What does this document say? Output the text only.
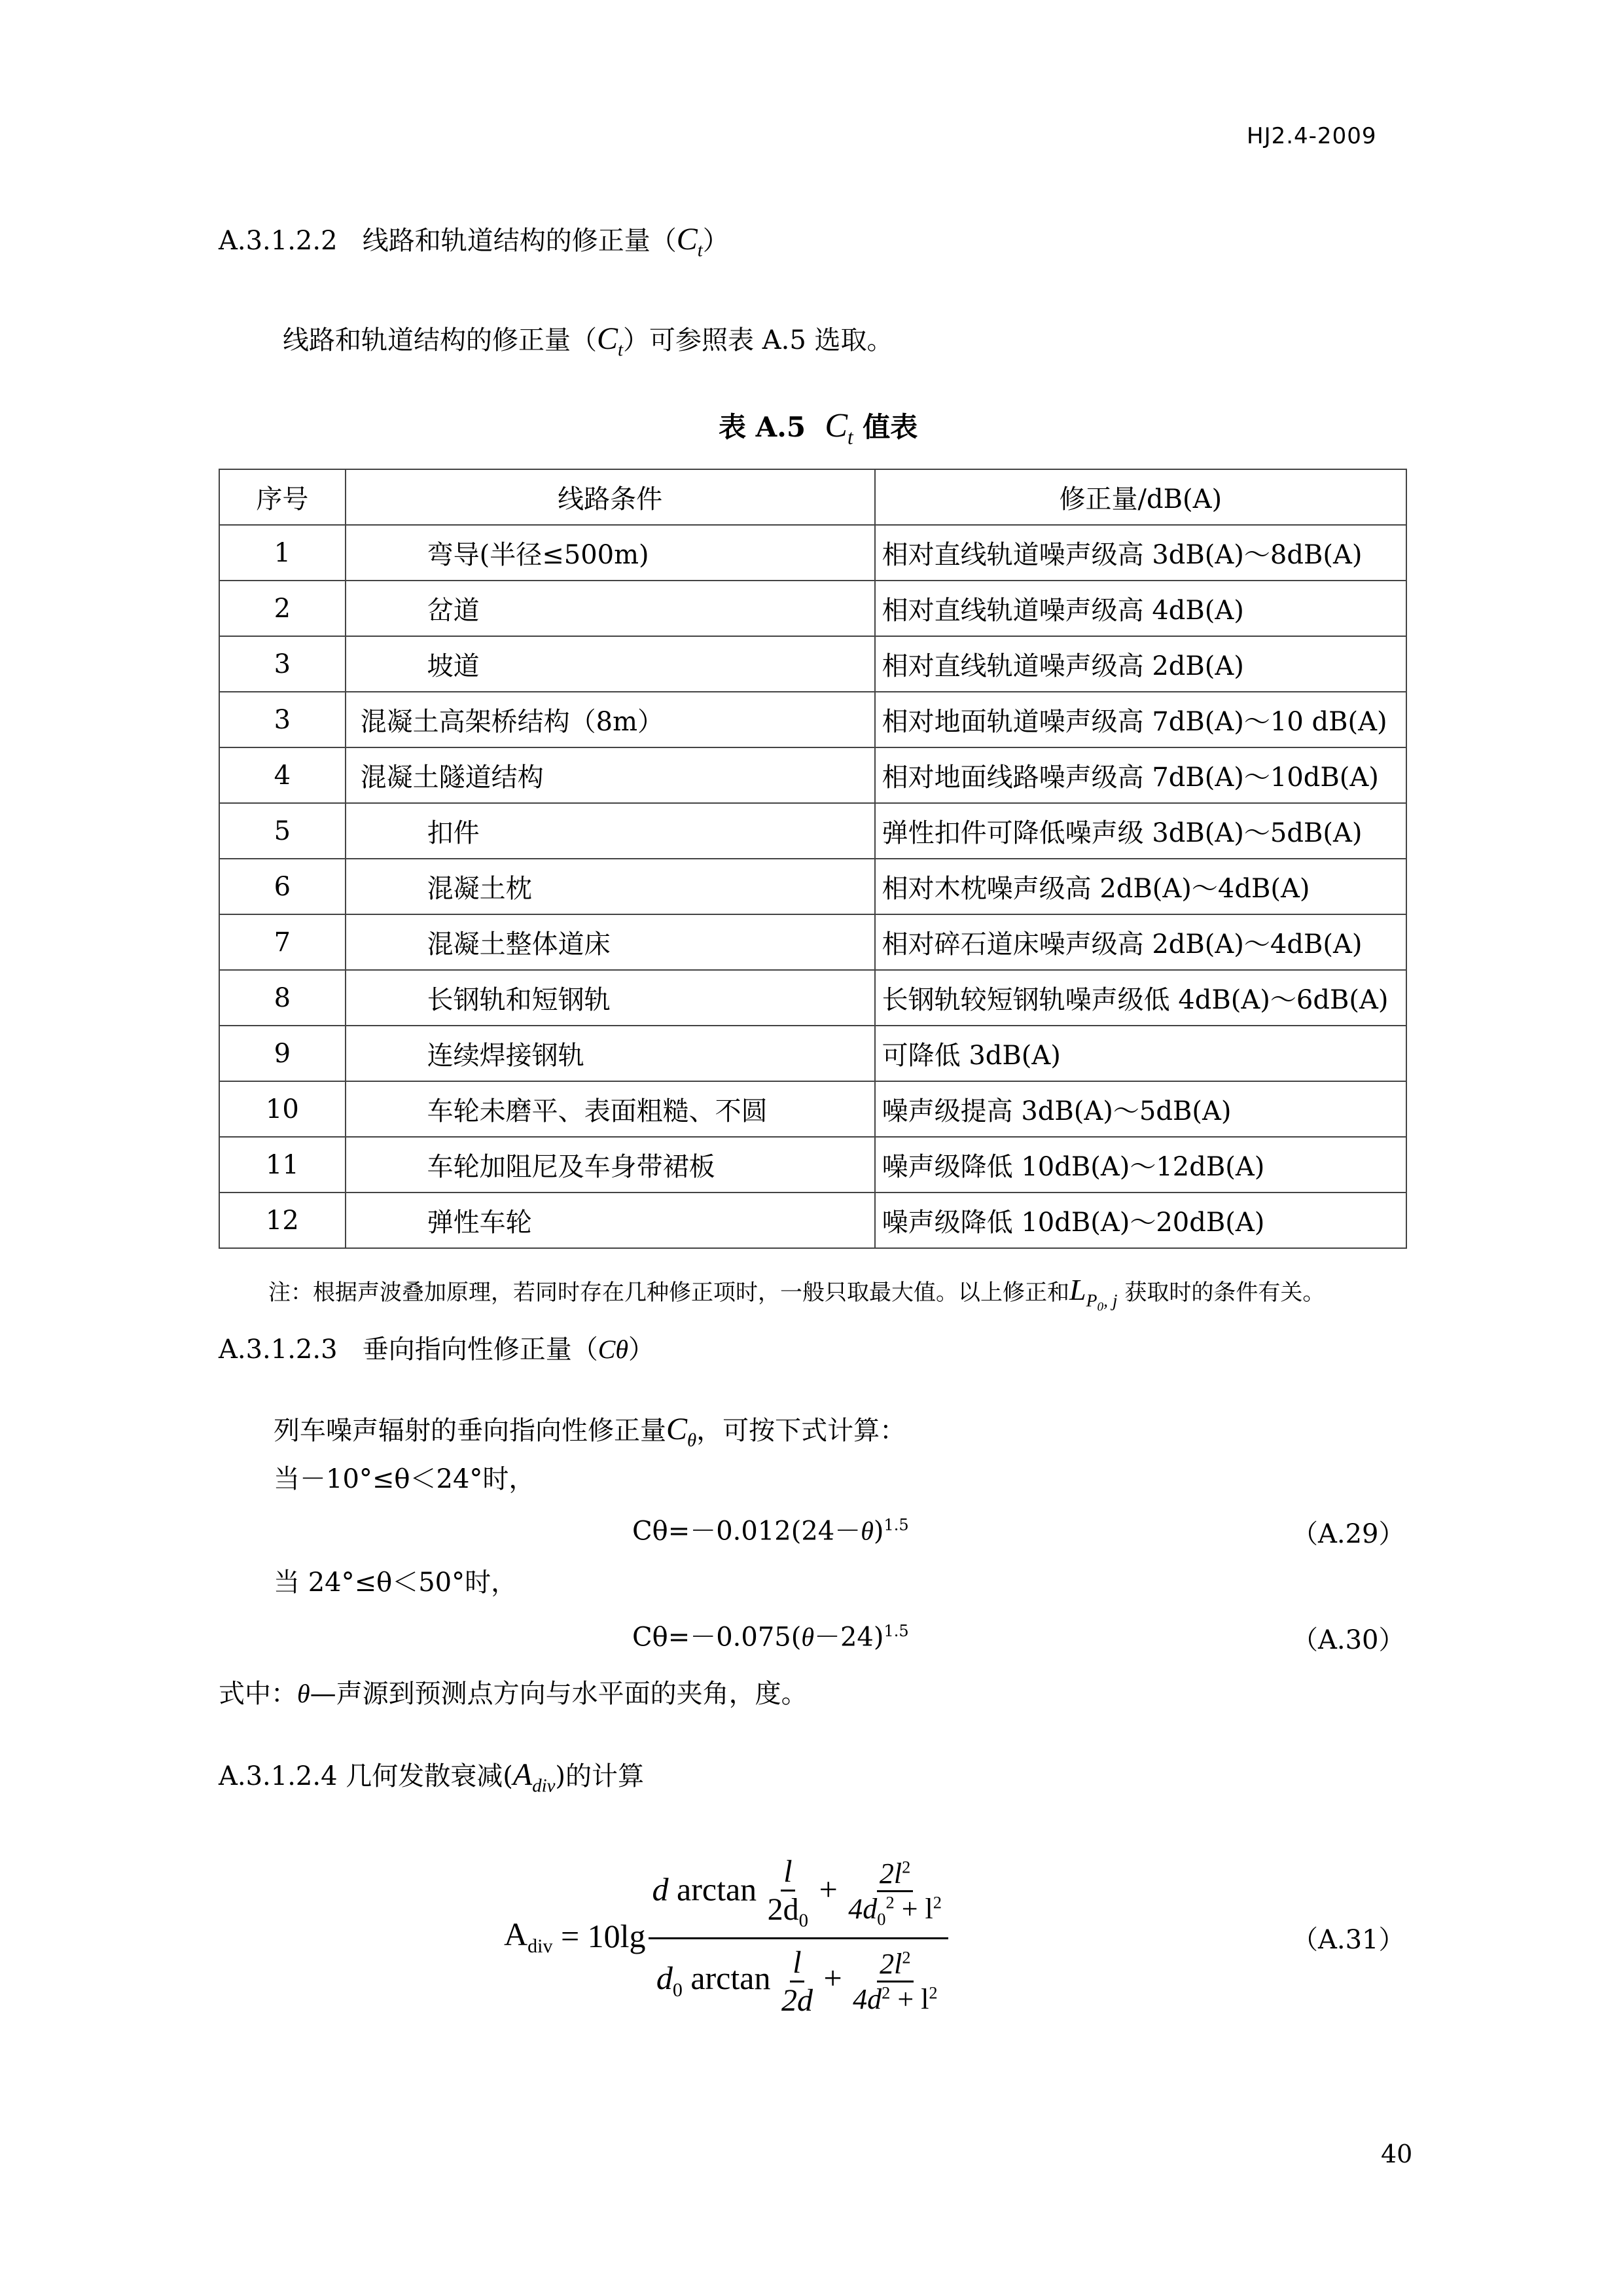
HJ2.4-2009
A.3.1.2.2 线路和轨道结构的修正量$(C_t)$
线路和轨道结构的修正量$(C_t)$可参照表 A.5 选取。
表 A.5 $C_t$ 值表
序号	线路条件	修正量/dB(A)
1	弯导(半径≤500m)	相对直线轨道噪声级高 3dB(A)～8dB(A)
2	岔道	相对直线轨道噪声级高 4dB(A)
3	坡道	相对直线轨道噪声级高 2dB(A)
3	混凝土高架桥结构（8m）	相对地面轨道噪声级高 7dB(A)～10 dB(A)
4	混凝土隧道结构	相对地面线路噪声级高 7dB(A)～10dB(A)
5	扣件	弹性扣件可降低噪声级 3dB(A)～5dB(A)
6	混凝土枕	相对木枕噪声级高 2dB(A)～4dB(A)
7	混凝土整体道床	相对碎石道床噪声级高 2dB(A)～4dB(A)
8	长钢轨和短钢轨	长钢轨较短钢轨噪声级低 4dB(A)～6dB(A)
9	连续焊接钢轨	可降低 3dB(A)
10	车轮未磨平、表面粗糙、不圆	噪声级提高 3dB(A)～5dB(A)
11	车轮加阻尼及车身带裙板	噪声级降低 10dB(A)～12dB(A)
12	弹性车轮	噪声级降低 10dB(A)～20dB(A)
注：根据声波叠加原理，若同时存在几种修正项时，一般只取最大值。以上修正和$L_{P_0, j}$ 获取时的条件有关。
A.3.1.2.3 垂向指向性修正量（Cθ）
列车噪声辐射的垂向指向性修正量$C_\theta$，可按下式计算：
当－10°≤θ＜24°时，
$C\theta=-0.012(24-\theta)^{1.5}$	（A.29）
当 24°≤θ＜50°时，
$C\theta=-0.075(\theta-24)^{1.5}$	（A.30）
式中：θ—声源到预测点方向与水平面的夹角，度。
A.3.1.2.4 几何发散衰减$(A_{div})$的计算
$A_{div}$
= $10\lg \frac{d \arctan \frac{l}{2d_0} + \frac{2l^2}{4d_0^2 + l^2}}{d_0 \arctan \frac{l}{2d} + \frac{2l^2}{4d^2 + l^2}}$	（A.31）
40
